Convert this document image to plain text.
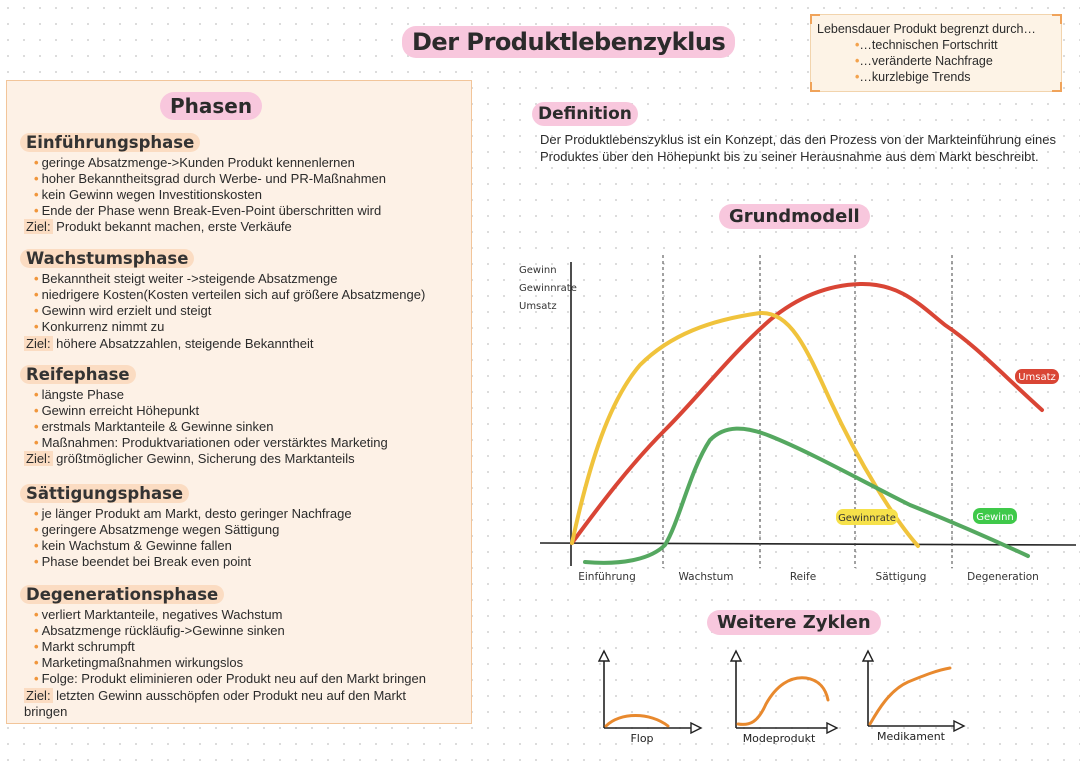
Der Produktlebenzyklus	Lebensdauer Produkt begrenzt durch…
•…technischen Fortschritt
•…veränderte Nachfrage
•…kurzlebige Trends
Phasen
Einführungsphase
• geringe Absatzmenge->Kunden Produkt kennenlernen
• hoher Bekanntheitsgrad durch Werbe- und PR-Maßnahmen
• kein Gewinn wegen Investitionskosten
• Ende der Phase wenn Break-Even-Point überschritten wird
Ziel: Produkt bekannt machen, erste Verkäufe
Wachstumsphase
• Bekanntheit steigt weiter ->steigende Absatzmenge
• niedrigere Kosten(Kosten verteilen sich auf größere Absatzmenge)
• Gewinn wird erzielt und steigt
• Konkurrenz nimmt zu
Ziel: höhere Absatzzahlen, steigende Bekanntheit
Reifephase
• längste Phase
• Gewinn erreicht Höhepunkt
• erstmals Marktanteile & Gewinne sinken
• Maßnahmen: Produktvariationen oder verstärktes Marketing
Ziel: größtmöglicher Gewinn, Sicherung des Marktanteils
Sättigungsphase
• je länger Produkt am Markt, desto geringer Nachfrage
• geringere Absatzmenge wegen Sättigung
• kein Wachstum & Gewinne fallen
• Phase beendet bei Break even point
Degenerationsphase
• verliert Marktanteile, negatives Wachstum
• Absatzmenge rückläufig->Gewinne sinken
• Markt schrumpft
• Marketingmaßnahmen wirkungslos
• Folge: Produkt eliminieren oder Produkt neu auf den Markt bringen
Ziel: letzten Gewinn ausschöpfen oder Produkt neu auf den Markt
bringen
Definition
Der Produktlebenszyklus ist ein Konzept, das den Prozess von der Markteinführung eines Produktes über den Höhepunkt bis zu seiner Herausnahme aus dem Markt beschreibt.
Grundmodell
Gewinn
Gewinnrate
Umsatz
Umsatz
Gewinnrate	Gewinn
Einführung	Wachstum	Reife	Sättigung	Degeneration
Flop	Modeprodukt	Medikament
Weitere Zyklen
